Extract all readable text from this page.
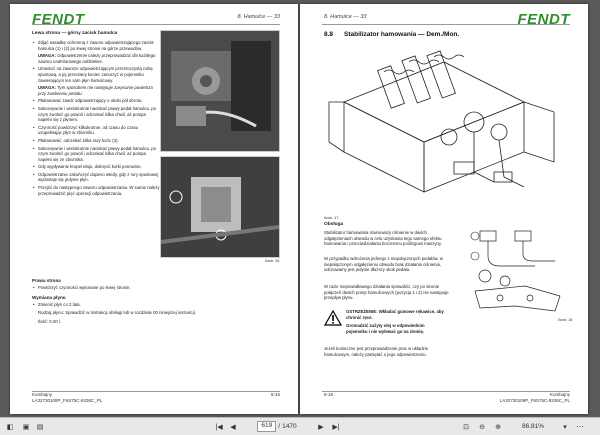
FENDT	8. Hamulce — 33
Lewa strona — górny zacisk hamulca
• Zdjąć nasadkę ochronną z zaworu odpowietrzającego zacisk hamulca (1) i (2) po lewej stronie na górze przewodów.
UWAGA: Odpowietrzenie należy przeprowadzać dla każdego zaworu nadmiarowego oddzielnie.
• Umieścić na zaworze odpowietrzającym przezroczystą rurkę spustową, a jej przeciwny koniec zanurzyć w pojemniku zawierającym ten sam płyn hamulcowy.
UWAGA: Tym sposobem nie następuje zasysanie powietrza przy zwolnieniu pedału.
• Płukanować zawór odpowietrzający o około pół obrotu.
• Sukcesywnie i wielokrotnie naciskać prawy pedał hamulca, po czym zwolnić go powoli i odczekać kilka chwil, aż pompa napełni się z płynem.
• Czynność powtórzyć kilkukrotnie, od czasu do czasu uzupełniając płyn w zbiorniku.
• Płukanować, odczekać kilka razy końc (3).
• Sukcesywnie i wielokrotnie naciskać prawy pedał hamulca, po czym zwolnić go powoli i odczekać kilka chwil, aż pompa napełni się ze zbiornika.
• Gdy wypływanie kropel ełaju, dokręcić korki ponownie.
• Odpowietrzanie zakończyć dopiero wtedy, gdy z rury spustowej wydostaje się jedynie płyn.
• Przejść do następnego zaworu odpowietrzania. W sumie należy przeprowadzić pięć operacji odpowietrzania.
Ilustr. 16
Prawa strona
• Powtórzyć czynności wykonane po lewej stronie.
Wymiana płynu
• Zmienić płyn co 2 lata.
Rodzaj płynu: Sprawdzić w Instrukcji obsługi lub w rozdziale 00 niniejszej instrukcji.
Ilość: 0,30 l.
Kombajny
LA32730108P_F6S75C-9336C_PL
8-15
8. Hamulce — 33	FENDT
8.8 Stabilizator hamowania — Dem./Mon.
Ilustr. 17
Obsługa
Stabilizator hamowania równoważy ciśnienie w dwóch odgałęzieniach obwodu w celu uzyskania tego samego efektu hamowania i przeciwdziałania bocznemu poślizgowi maszyny.
W przypadku wdrożenia jednego z niepołączonych pedałów, w niepołączonym odgałęzieniu obwodu brak działania ciśnienia, odczuwamy jest jedynie dłuższy skok pedału.
W razie nieprawidłowego działania sprawdzić, czy po stronie połączeń dwóch pomp hamulcowych (pozycja 1 i 2) nie następuje przepływ płynu.
Ilustr. 18
OSTRZEŻENIE: Wkładać gumowe rękawice, aby chronić ręce.
Gromadzić zużyty olej w odpowiednim pojemniku i nie wylewać go na ziemię.
Jeżeli konieczne jest przeprowadzenie prac w układzie hamulcowym, należy pamiętać o jego odpowietrzeniu.
8-16	Kombajny
LA32730108P_F6S75C-9336C_PL
◧	▣	▤	|◀	◀	619 / 1470	▶	▶|	⊡	⊖	⊕	86.81%	▾	⋯
